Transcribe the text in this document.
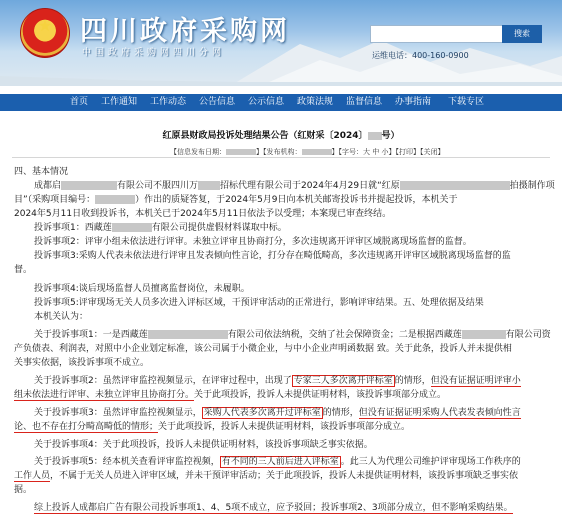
★	四川政府采购网
中国政府采购网四川分网
搜索
运维电话：400-160-0900
首页 工作通知 工作动态 公告信息 公示信息 政策法规 监督信息 办事指南 下载专区
红原县财政局投诉处理结果公告（红财采〔2024〕 号）
【信息发布日期：	】【发布机构：	】【字号：大 中 小】【打印】【关闭】
四、基本情况
成都启	有限公司不服四川万 招标代理有限公司于2024年4月29日就“红原	拍摄制作项
目”（采购项目编号：	）作出的质疑答复，于2024年5月9日向本机关邮寄投诉书并提起投诉，本机关于
2024年5月11日收到投诉书，本机关已于2024年5月11日依法予以受理；本案现已审查终结。
投诉事项1：西藏莲	有限公司提供虚假材料谋取中标。
投诉事项2：评审小组未依法进行评审。未独立评审且协商打分，多次违规离开评审区域脱离现场监督的监督。
投诉事项3:采购人代表未依法进行评审且发表倾向性言论，打分存在畸低畸高，多次违规离开评审区域脱离现场监督的监
督。
投诉事项4:谈后现场监督人员擅离监督岗位，未履职。
投诉事项5:评审现场无关人员多次进入评标区域，干预评审活动的正常进行，影响评审结果。五、处理依据及结果
本机关认为：
关于投诉事项1：一是西藏莲	有限公司依法纳税，交纳了社会保障资金；二是根据西藏莲	有限公司资
产负债表、利润表，对照中小企业划定标准，该公司属于小微企业，与中小企业声明函数据 致。关于此条，投诉人并未提供相
关事实依据，该投诉事项不成立。
关于投诉事项2：虽然评审监控视频显示，在评审过程中，出现了 专家三人多次离开评标室 的情形，但没有证据证明评审小
组未依法进行评审、未独立评审且协商打分。关于此项投诉，投诉人未提供证明材料，该投诉事项部分成立。
关于投诉事项3：虽然评审监控视频显示， 采购人代表多次离开过评标室 的情形，但没有证据证明采购人代表发表倾向性言
论、也不存在打分畸高畸低的情形；关于此项投诉，投诉人未提供证明材料，该投诉事项部分成立。
关于投诉事项4：关于此项投诉，投诉人未提供证明材料，该投诉事项缺乏事实依据。
关于投诉事项5：经本机关查看评审监控视频， 有不同的三人前后进入评标室 。此三人为代理公司维护评审现场工作秩序的
工作人员，不属于无关人员进入评审区域，并未干预评审活动；关于此项投诉，投诉人未提供证明材料，该投诉事项缺乏事实依
据。
综上投诉人成都启广告有限公司投诉事项1、4、5项不成立，应予驳回；投诉事项2、3项部分成立，但不影响采购结果。
